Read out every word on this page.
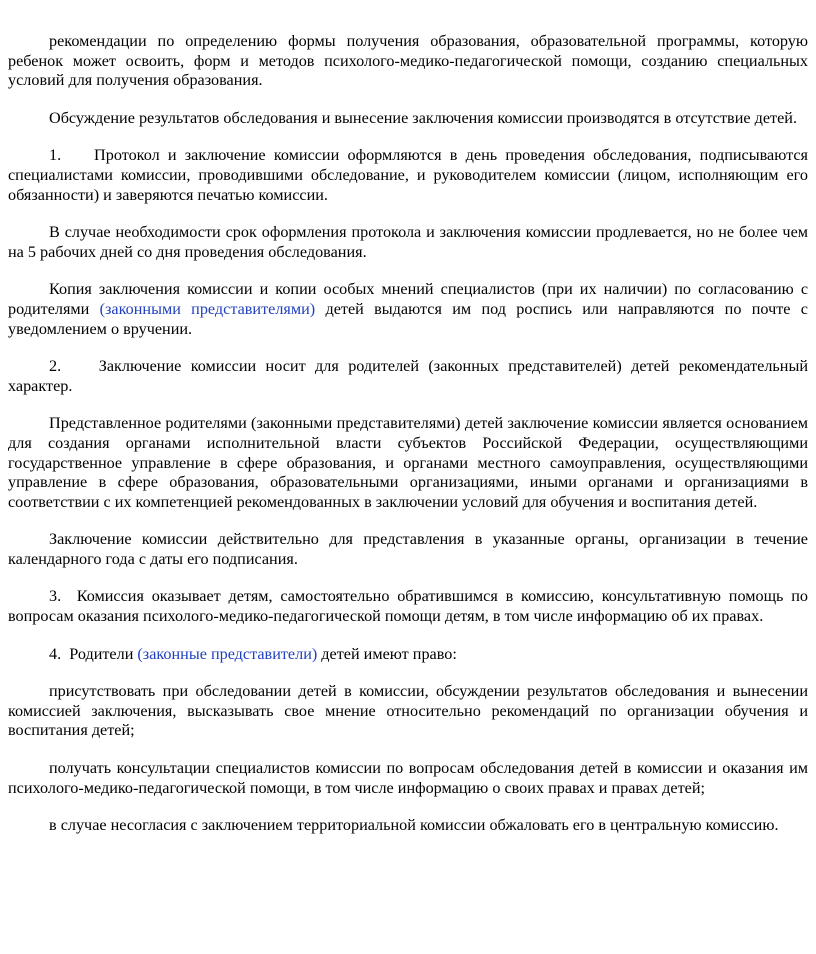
рекомендации по определению формы получения образования, образовательной программы, которую ребенок может освоить, форм и методов психолого-медико-педагогической помощи, созданию специальных условий для получения образования.

Обсуждение результатов обследования и вынесение заключения комиссии производятся в отсутствие детей.

1.    Протокол и заключение комиссии оформляются в день проведения обследования, подписываются специалистами комиссии, проводившими обследование, и руководителем комиссии (лицом, исполняющим его обязанности) и заверяются печатью комиссии.

В случае необходимости срок оформления протокола и заключения комиссии продлевается, но не более чем на 5 рабочих дней со дня проведения обследования.

Копия заключения комиссии и копии особых мнений специалистов (при их наличии) по согласованию с родителями (законными представителями) детей выдаются им под роспись или направляются по почте с уведомлением о вручении.

2.    Заключение комиссии носит для родителей (законных представителей) детей рекомендательный характер.

Представленное родителями (законными представителями) детей заключение комиссии является основанием для создания органами исполнительной власти субъектов Российской Федерации, осуществляющими государственное управление в сфере образования, и органами местного самоуправления, осуществляющими управление в сфере образования, образовательными организациями, иными органами и организациями в соответствии с их компетенцией рекомендованных в заключении условий для обучения и воспитания детей.

Заключение комиссии действительно для представления в указанные органы, организации в течение календарного года с даты его подписания.

3.  Комиссия оказывает детям, самостоятельно обратившимся в комиссию, консультативную помощь по вопросам оказания психолого-медико-педагогической помощи детям, в том числе информацию об их правах.

4.  Родители (законные представители) детей имеют право:

присутствовать при обследовании детей в комиссии, обсуждении результатов обследования и вынесении комиссией заключения, высказывать свое мнение относительно рекомендаций по организации обучения и воспитания детей;

получать консультации специалистов комиссии по вопросам обследования детей в комиссии и оказания им психолого-медико-педагогической помощи, в том числе информацию о своих правах и правах детей;

в случае несогласия с заключением территориальной комиссии обжаловать его в центральную комиссию.
